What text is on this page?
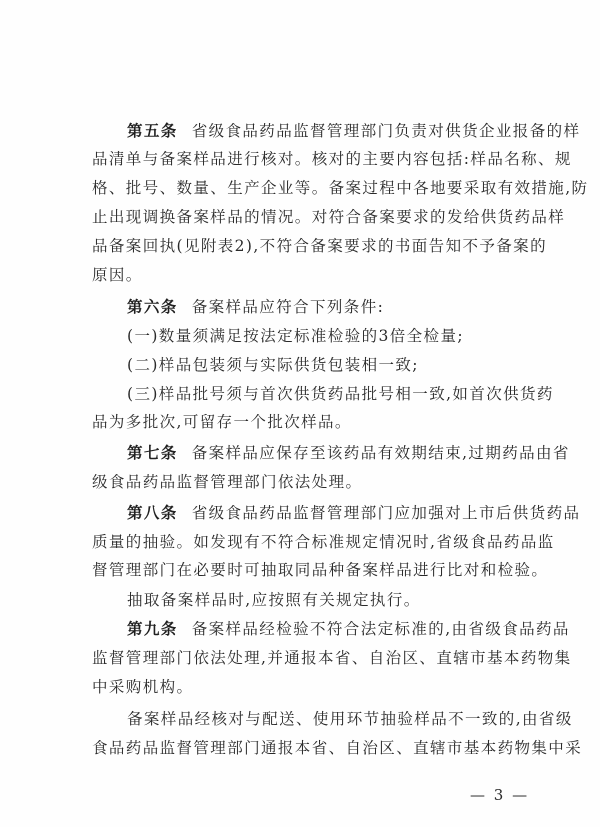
第五条 省级食品药品监督管理部门负责对供货企业报备的样
品清单与备案样品进行核对。核对的主要内容包括:样品名称、规
格、批号、数量、生产企业等。备案过程中各地要采取有效措施,防
止出现调换备案样品的情况。对符合备案要求的发给供货药品样
品备案回执(见附表2),不符合备案要求的书面告知不予备案的
原因。
第六条 备案样品应符合下列条件:
(一)数量须满足按法定标准检验的3倍全检量;
(二)样品包装须与实际供货包装相一致;
(三)样品批号须与首次供货药品批号相一致,如首次供货药
品为多批次,可留存一个批次样品。
第七条 备案样品应保存至该药品有效期结束,过期药品由省
级食品药品监督管理部门依法处理。
第八条 省级食品药品监督管理部门应加强对上市后供货药品
质量的抽验。如发现有不符合标准规定情况时,省级食品药品监
督管理部门在必要时可抽取同品种备案样品进行比对和检验。
抽取备案样品时,应按照有关规定执行。
第九条 备案样品经检验不符合法定标准的,由省级食品药品
监督管理部门依法处理,并通报本省、自治区、直辖市基本药物集
中采购机构。
备案样品经核对与配送、使用环节抽验样品不一致的,由省级
食品药品监督管理部门通报本省、自治区、直辖市基本药物集中采
— 3 —
